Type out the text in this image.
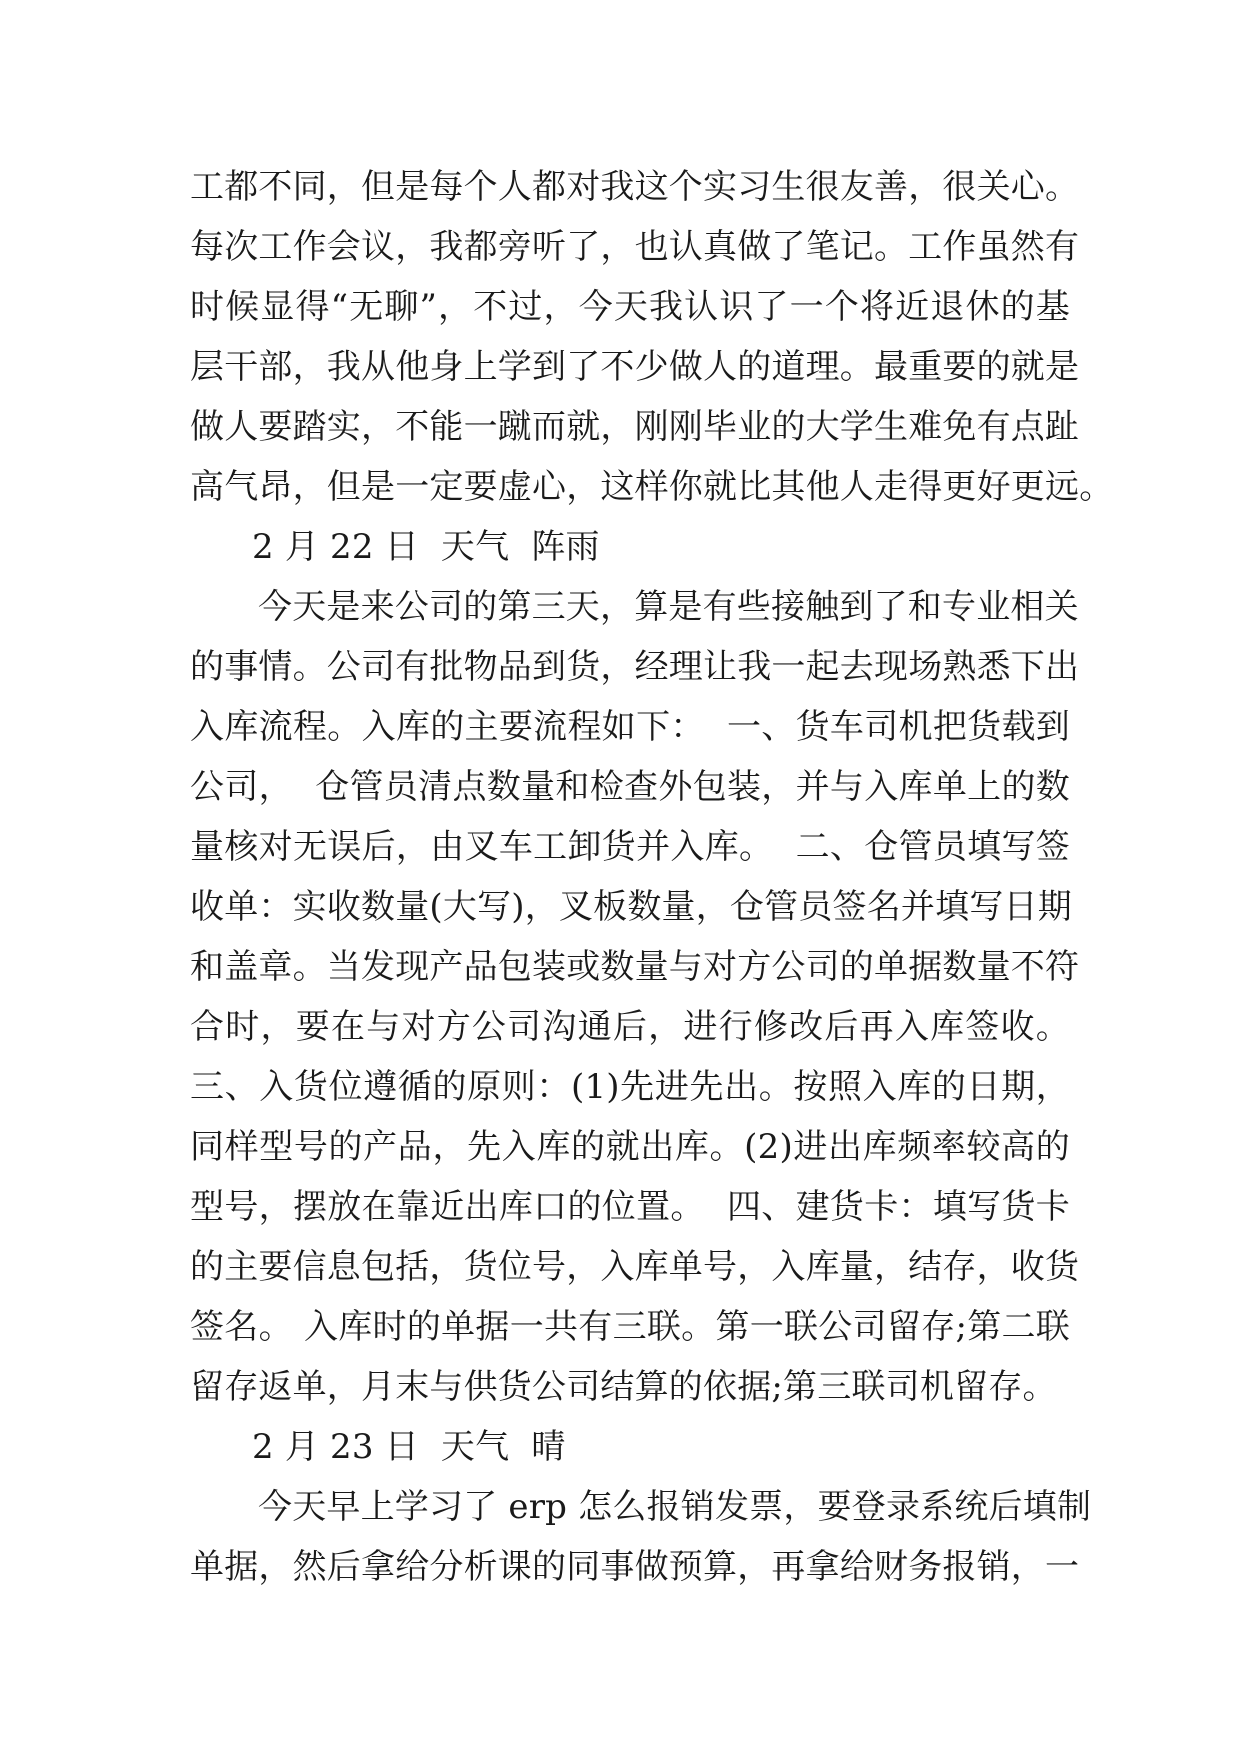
工都不同，但是每个人都对我这个实习生很友善，很关心。
每次工作会议，我都旁听了，也认真做了笔记。工作虽然有
时候显得“无聊”，不过，今天我认识了一个将近退休的基
层干部，我从他身上学到了不少做人的道理。最重要的就是
做人要踏实，不能一蹴而就，刚刚毕业的大学生难免有点趾
高气昂，但是一定要虚心，这样你就比其他人走得更好更远。
2 月 22 日  天气  阵雨
今天是来公司的第三天，算是有些接触到了和专业相关
的事情。公司有批物品到货，经理让我一起去现场熟悉下出
入库流程。入库的主要流程如下：  一、货车司机把货载到
公司，  仓管员清点数量和检查外包装，并与入库单上的数
量核对无误后，由叉车工卸货并入库。  二、仓管员填写签
收单：实收数量(大写)，叉板数量，仓管员签名并填写日期
和盖章。当发现产品包装或数量与对方公司的单据数量不符
合时，要在与对方公司沟通后，进行修改后再入库签收。
三、入货位遵循的原则：(1)先进先出。按照入库的日期，
同样型号的产品，先入库的就出库。(2)进出库频率较高的
型号，摆放在靠近出库口的位置。  四、建货卡：填写货卡
的主要信息包括，货位号，入库单号，入库量，结存，收货
签名。 入库时的单据一共有三联。第一联公司留存;第二联
留存返单，月末与供货公司结算的依据;第三联司机留存。
2 月 23 日  天气  晴
今天早上学习了 erp 怎么报销发票，要登录系统后填制
单据，然后拿给分析课的同事做预算，再拿给财务报销，一
